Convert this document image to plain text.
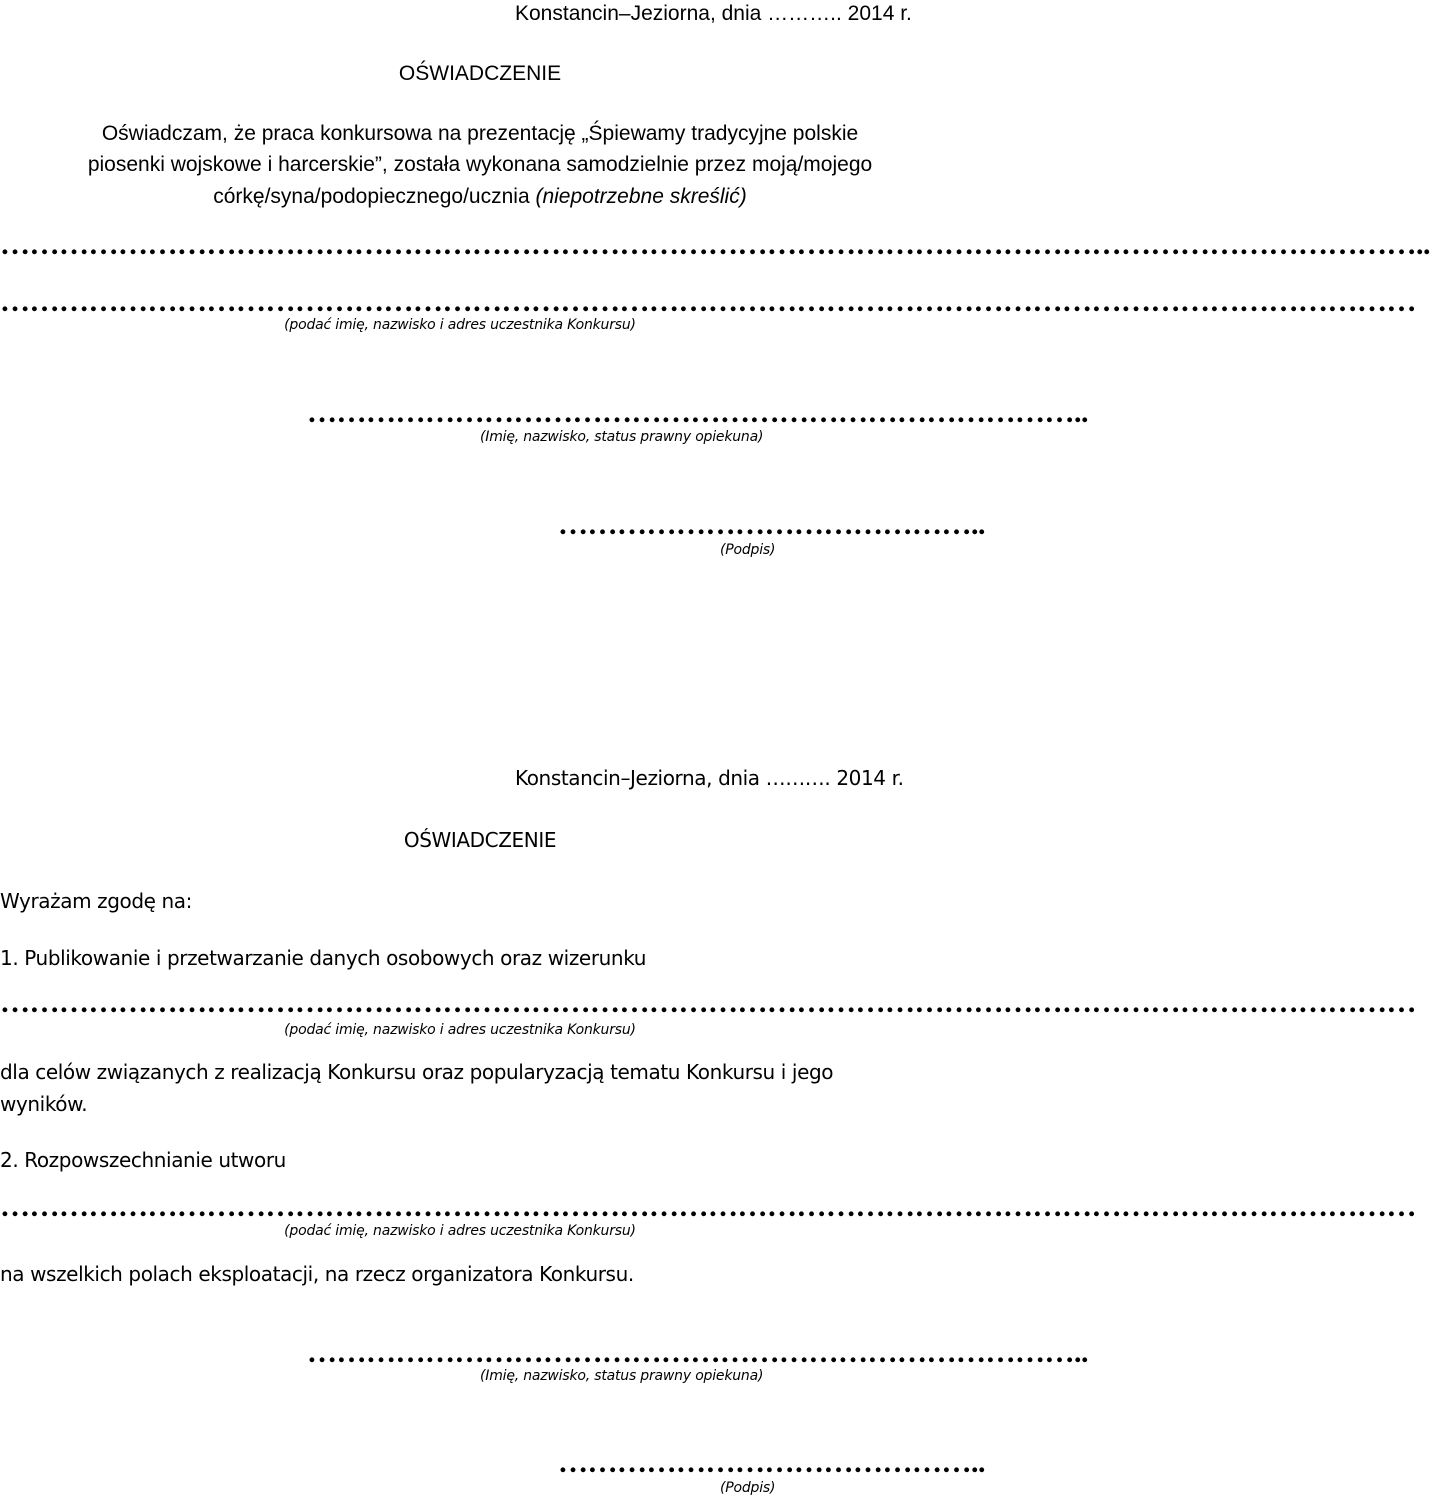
Konstancin–Jeziorna, dnia ……….. 2014 r.
OŚWIADCZENIE
Oświadczam, że praca konkursowa na prezentację „Śpiewamy tradycyjne polskie
piosenki wojskowe i harcerskie”, została wykonana samodzielnie przez moją/mojego
córkę/syna/podopiecznego/ucznia (niepotrzebne skreślić)
………………………………………………………………………………………………………………………………..
………………………………………………………………………………………………………………………………
(podać imię, nazwisko i adres uczestnika Konkursu)
……………………………………………………………………..
(Imię, nazwisko, status prawny opiekuna)
……………………………………..
(Podpis)
Konstancin–Jeziorna, dnia ………. 2014 r.
OŚWIADCZENIE
Wyrażam zgodę na:
1. Publikowanie i przetwarzanie danych osobowych oraz wizerunku
………………………………………………………………………………………………………………………………
(podać imię, nazwisko i adres uczestnika Konkursu)
dla celów związanych z realizacją Konkursu oraz popularyzacją tematu Konkursu i jego
wyników.
2. Rozpowszechnianie utworu
………………………………………………………………………………………………………………………………
(podać imię, nazwisko i adres uczestnika Konkursu)
na wszelkich polach eksploatacji, na rzecz organizatora Konkursu.
……………………………………………………………………..
(Imię, nazwisko, status prawny opiekuna)
……………………………………..
(Podpis)
